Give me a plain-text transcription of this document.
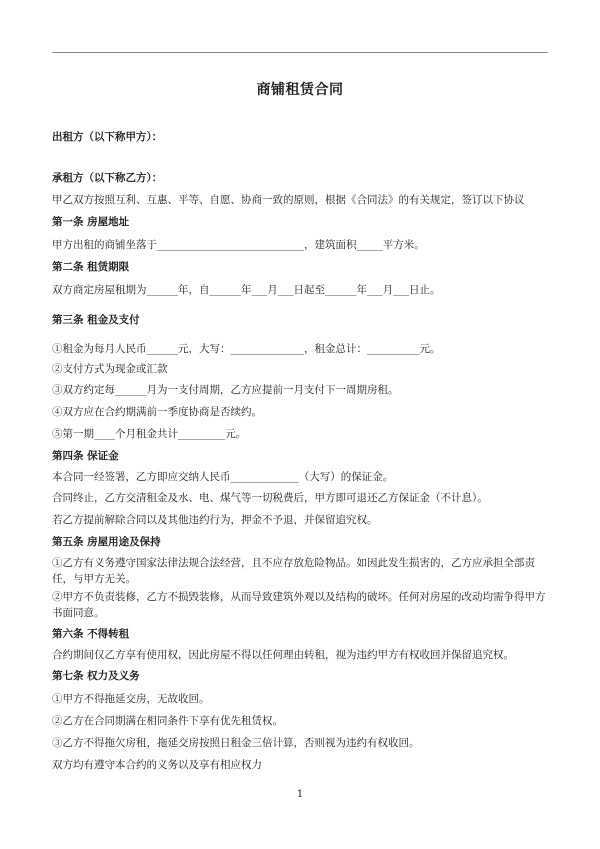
商铺租赁合同
出租方（以下称甲方）：
承租方（以下称乙方）：
甲乙双方按照互利、互惠、平等、自愿、协商一致的原则，根据《合同法》的有关规定，签订以下协议
第一条 房屋地址
甲方出租的商铺坐落于____________________________，建筑面积_____平方米。
第二条 租赁期限
双方商定房屋租期为______年，自______年___月___日起至______年___月___日止。
第三条 租金及支付
①租金为每月人民币______元，大写：______________，租金总计：__________元。
②支付方式为现金或汇款
③双方约定每______月为一支付周期，乙方应提前一月支付下一周期房租。
④双方应在合约期满前一季度协商是否续约。
⑤第一期____个月租金共计_________元。
第四条 保证金
本合同一经签署，乙方即应交纳人民币_____________（大写）的保证金。
合同终止，乙方交清租金及水、电、煤气等一切税费后，甲方即可退还乙方保证金（不计息）。
若乙方提前解除合同以及其他违约行为，押金不予退，并保留追究权。
第五条 房屋用途及保持
①乙方有义务遵守国家法律法规合法经营，且不应存放危险物品。如因此发生损害的，乙方应承担全部责任，与甲方无关。
②甲方不负责装修，乙方不损毁装修，从而导致建筑外观以及结构的破坏。任何对房屋的改动均需争得甲方书面同意。
第六条 不得转租
合约期间仅乙方享有使用权，因此房屋不得以任何理由转租，视为违约甲方有权收回并保留追究权。
第七条 权力及义务
①甲方不得拖延交房，无故收回。
②乙方在合同期满在相同条件下享有优先租赁权。
③乙方不得拖欠房租，拖延交房按照日租金三倍计算，否则视为违约有权收回。
双方均有遵守本合约的义务以及享有相应权力
1
